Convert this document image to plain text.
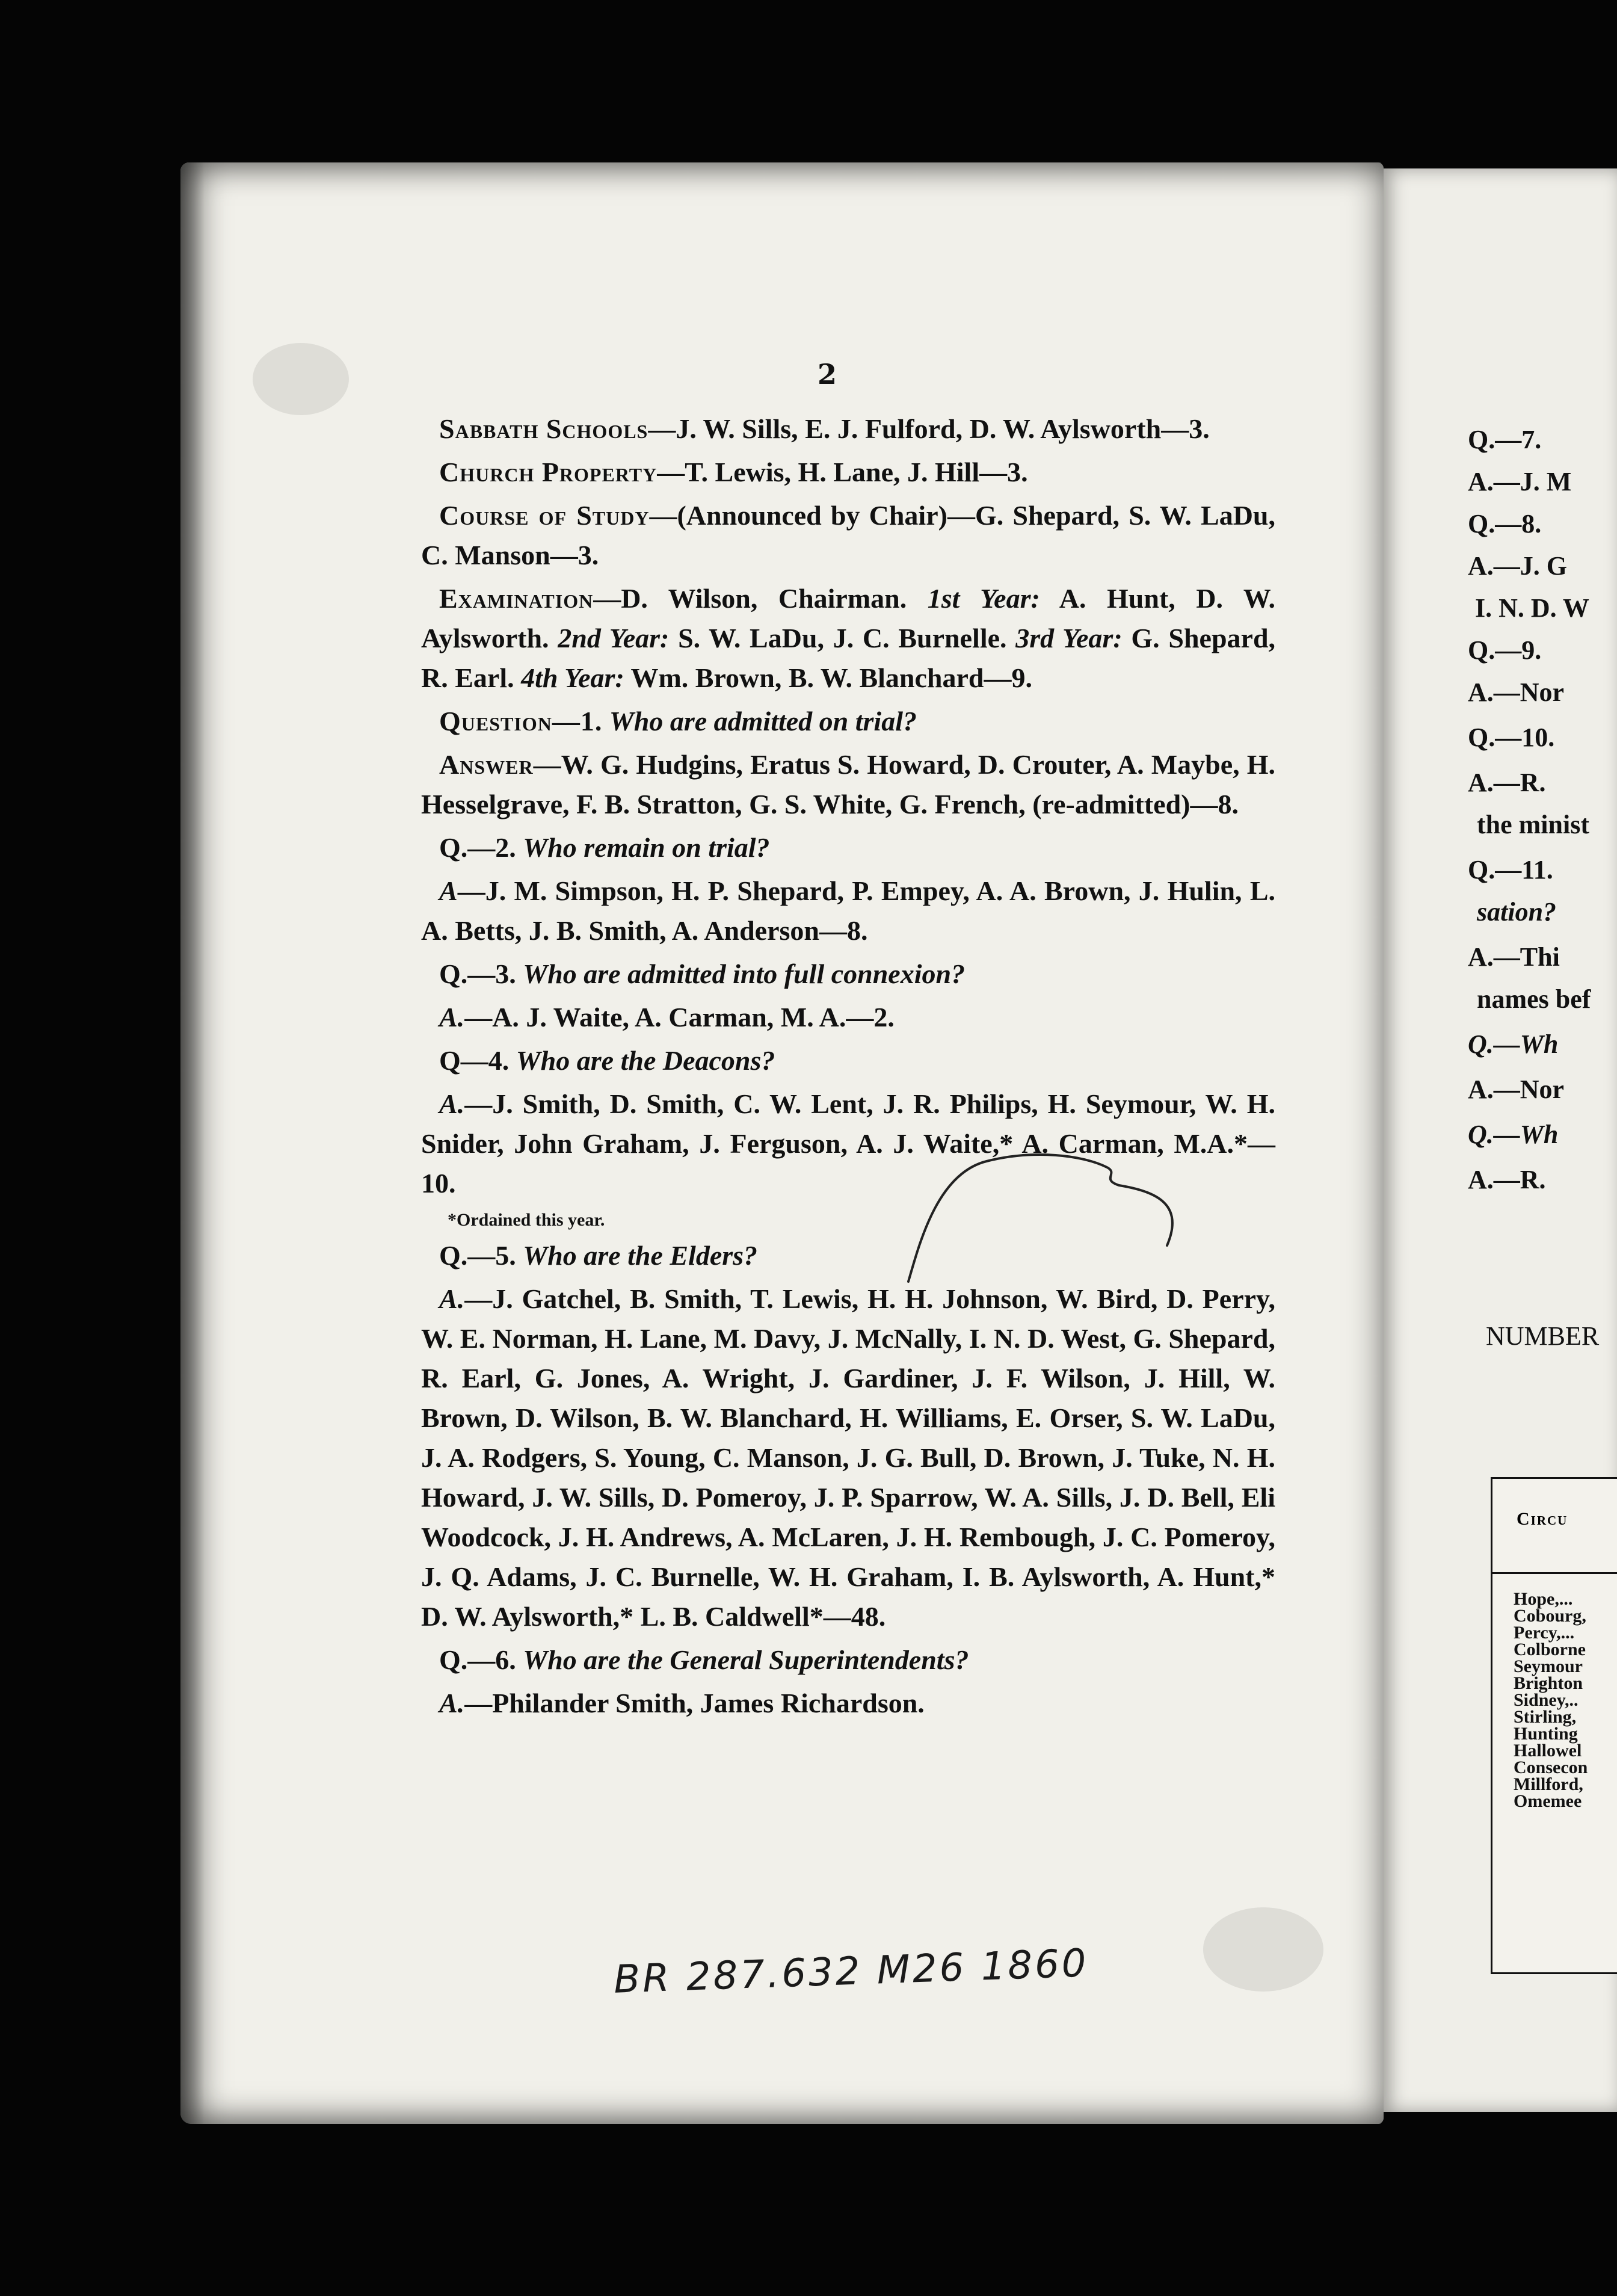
2

Sabbath Schools—J. W. Sills, E. J. Fulford, D. W. Aylsworth—3.

Church Property—T. Lewis, H. Lane, J. Hill—3.

Course of Study—(Announced by Chair)—G. Shepard, S. W. LaDu, C. Manson—3.

Examination—D. Wilson, Chairman. 1st Year: A. Hunt, D. W. Aylsworth. 2nd Year: S. W. LaDu, J. C. Burnelle. 3rd Year: G. Shepard, R. Earl. 4th Year: Wm. Brown, B. W. Blanchard—9.

Question—1. Who are admitted on trial?

Answer—W. G. Hudgins, Eratus S. Howard, D. Crouter, A. Maybe, H. Hesselgrave, F. B. Stratton, G. S. White, G. French, (re-admitted)—8.

Q.—2. Who remain on trial?

A—J. M. Simpson, H. P. Shepard, P. Empey, A. A. Brown, J. Hulin, L. A. Betts, J. B. Smith, A. Anderson—8.

Q.—3. Who are admitted into full connexion?

A.—A. J. Waite, A. Carman, M. A.—2.

Q—4. Who are the Deacons?

A.—J. Smith, D. Smith, C. W. Lent, J. R. Philips, H. Seymour, W. H. Snider, John Graham, J. Ferguson, A. J. Waite,* A. Carman, M.A.*—10.

*Ordained this year.

Q.—5. Who are the Elders?

A.—J. Gatchel, B. Smith, T. Lewis, H. H. Johnson, W. Bird, D. Perry, W. E. Norman, H. Lane, M. Davy, J. McNally, I. N. D. West, G. Shepard, R. Earl, G. Jones, A. Wright, J. Gardiner, J. F. Wilson, J. Hill, W. Brown, D. Wilson, B. W. Blanchard, H. Williams, E. Orser, S. W. LaDu, J. A. Rodgers, S. Young, C. Manson, J. G. Bull, D. Brown, J. Tuke, N. H. Howard, J. W. Sills, D. Pomeroy, J. P. Sparrow, W. A. Sills, J. D. Bell, Eli Woodcock, J. H. Andrews, A. McLaren, J. H. Rembough, J. C. Pomeroy, J. Q. Adams, J. C. Burnelle, W. H. Graham, I. B. Aylsworth, A. Hunt,* D. W. Aylsworth,* L. B. Caldwell*—48.

Q.—6. Who are the General Superintendents?

A.—Philander Smith, James Richardson.

BR 287.632 M26 1860
Q.—7.
A.—J. M
Q.—8.
A.—J. G
I. N. D. W
Q.—9.
A.—Nor
Q.—10.
A.—R.
the minist
Q.—11.
sation?
A.—Thi
names bef
Q.—Wh
A.—Nor
Q.—Wh
A.—R.
NUMBER
Circu
Hope,...
Cobourg,
Percy,...
Colborne
Seymour
Brighton
Sidney,..
Stirling,
Hunting
Hallowel
Consecon
Millford,
Omemee
